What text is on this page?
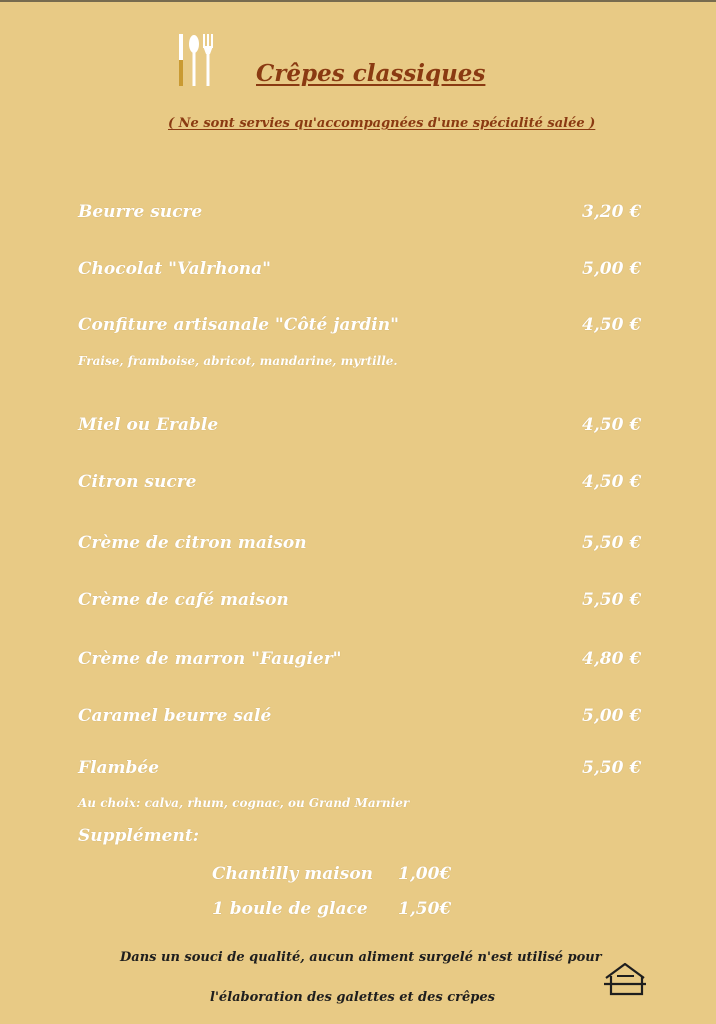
Crêpes classiques
( Ne sont servies qu'accompagnées d'une spécialité salée )
Beurre sucre	3,20 €
Chocolat "Valrhona"	5,00 €
Confiture artisanale "Côté jardin"	4,50 €
Fraise, framboise, abricot, mandarine, myrtille.
Miel ou Erable	4,50 €
Citron sucre	4,50 €
Crème de citron maison	5,50 €
Crème de café maison	5,50 €
Crème de marron "Faugier"	4,80 €
Caramel beurre salé	5,00 €
Flambée	5,50 €
Au choix: calva, rhum, cognac, ou Grand Marnier
Supplément:
Chantilly maison 1,00€
1 boule de glace 1,50€
Dans un souci de qualité, aucun aliment surgelé n'est utilisé pour
l'élaboration des galettes et des crêpes
